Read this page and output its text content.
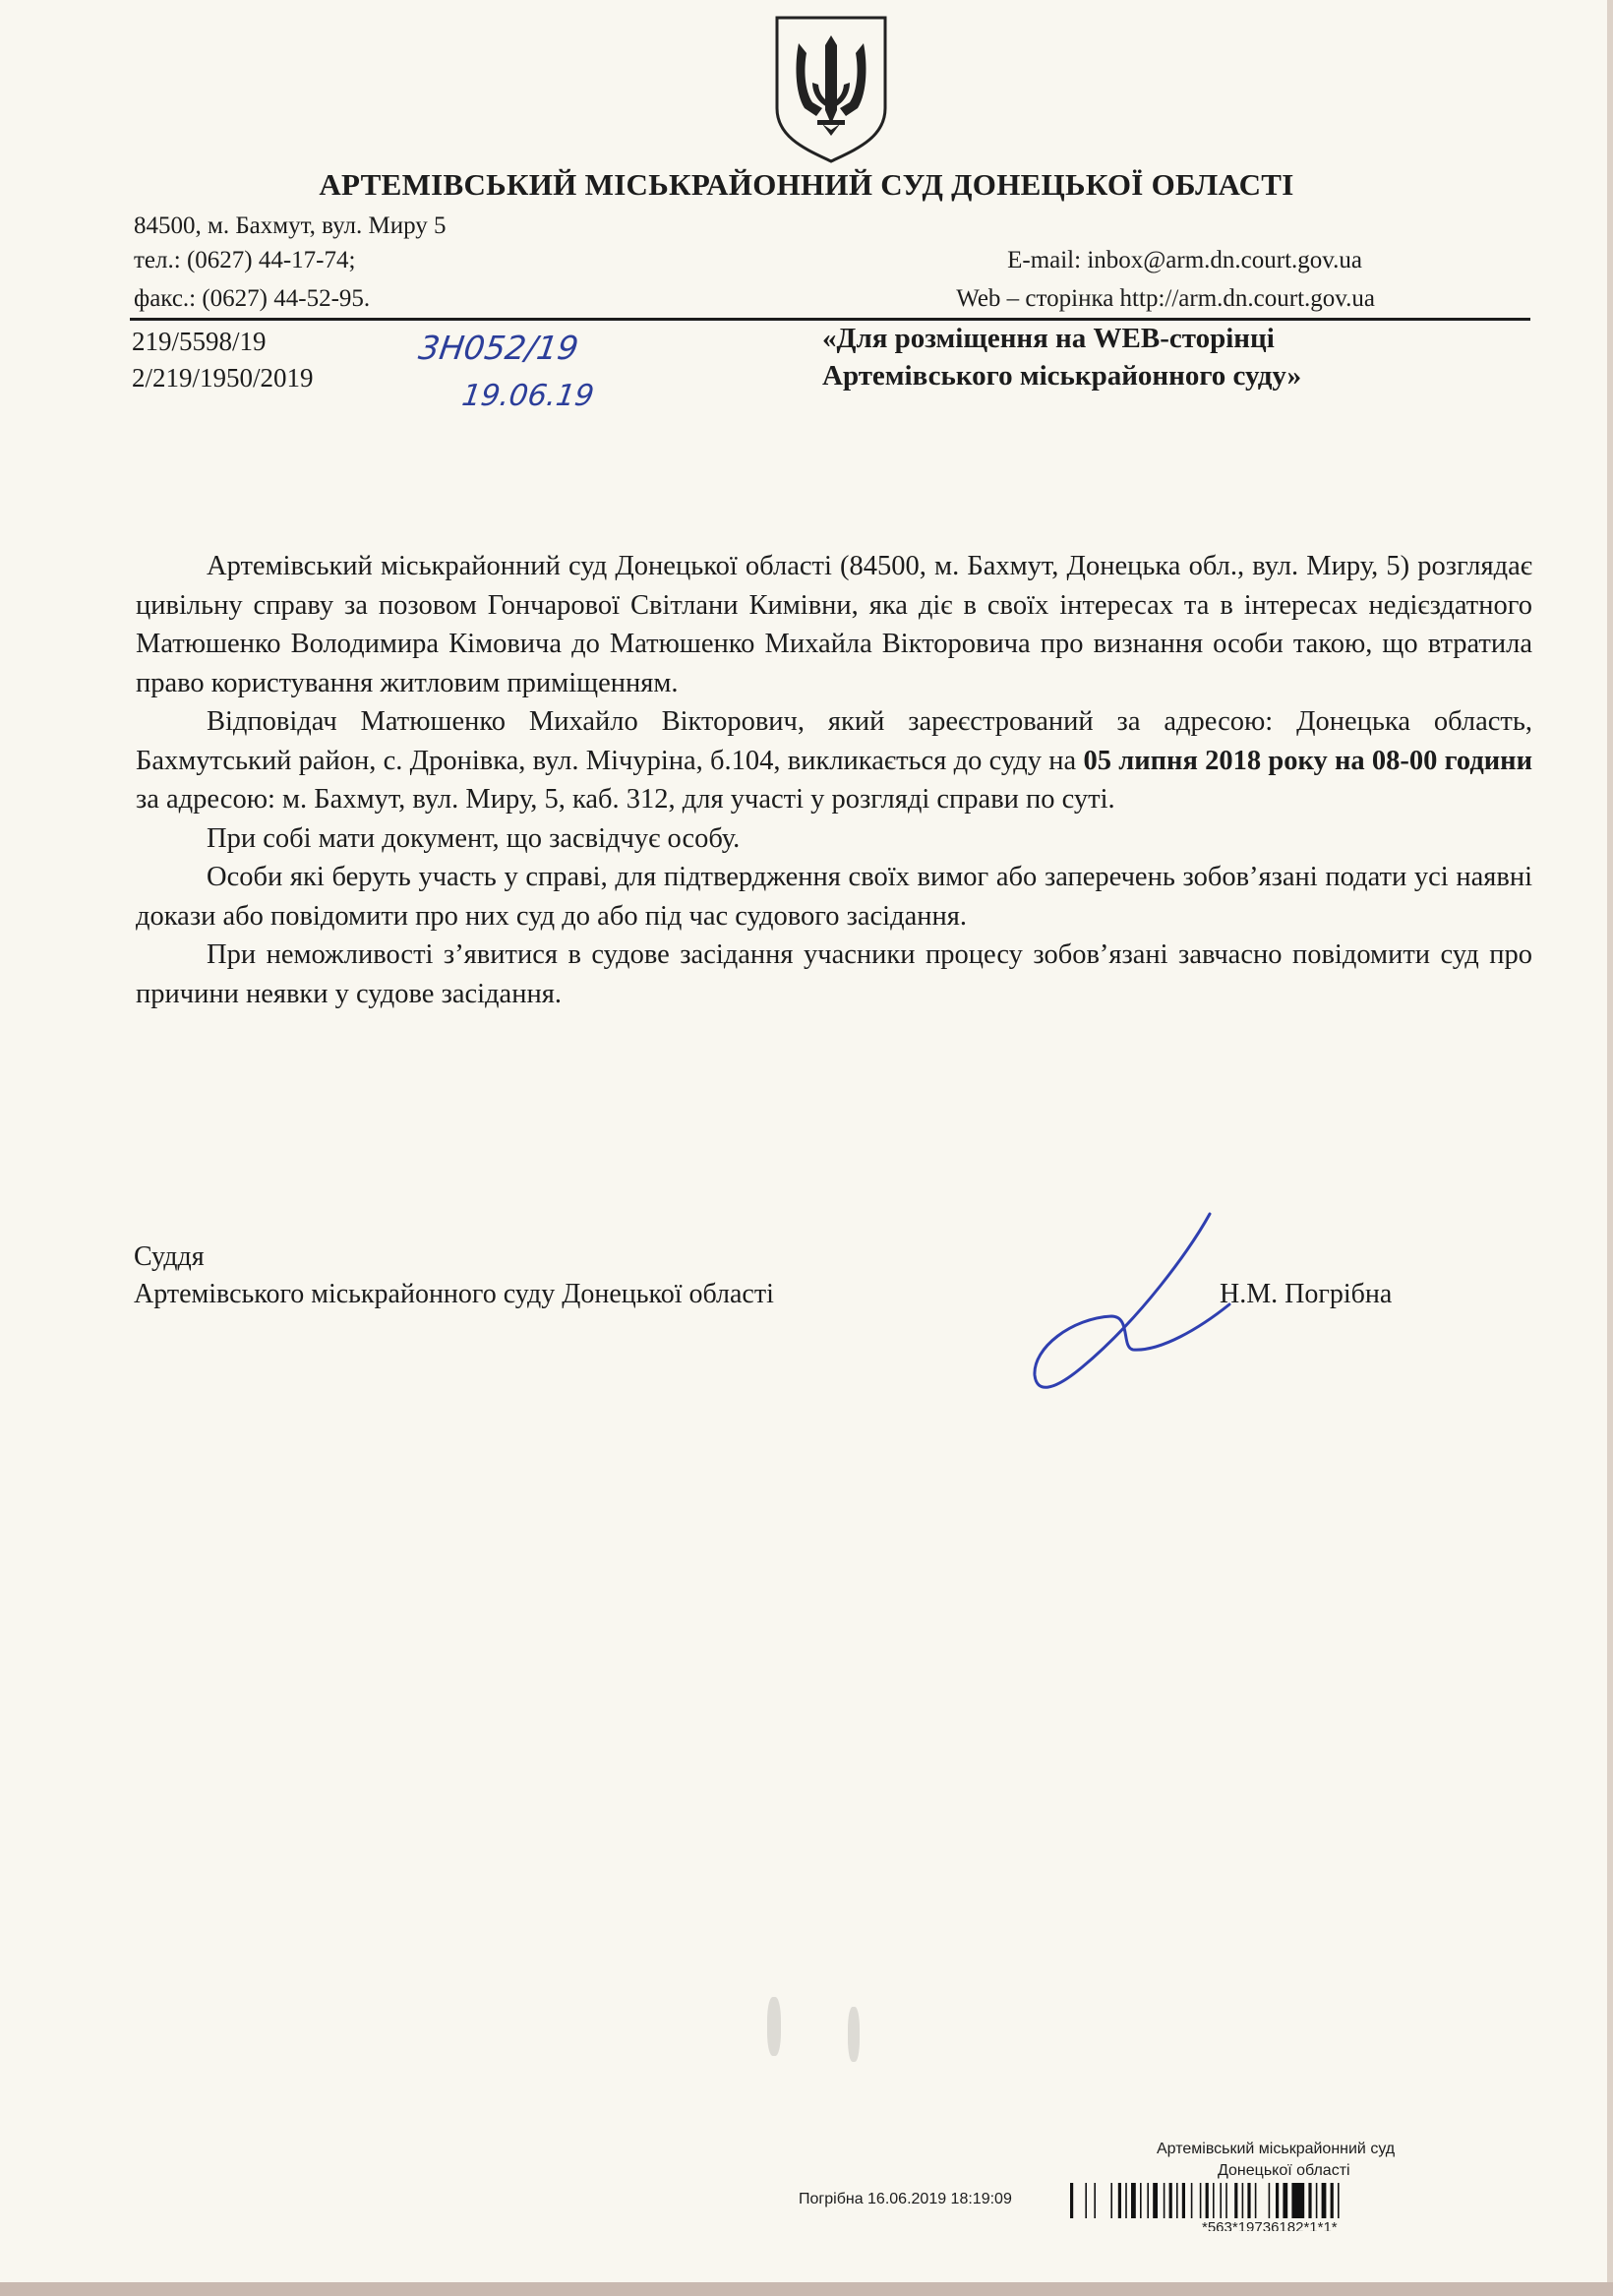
АРТЕМІВСЬКИЙ МІСЬКРАЙОННИЙ СУД ДОНЕЦЬКОЇ ОБЛАСТІ
84500, м. Бахмут, вул. Миру 5
тел.: (0627) 44-17-74;	E-mail: inbox@arm.dn.court.gov.ua
факс.: (0627) 44-52-95.	Web – сторінка http://arm.dn.court.gov.ua
219/5598/19
2/219/1950/2019
3H052/19
19.06.19
«Для розміщення на WEB-сторінці
Артемівського міськрайонного суду»

Артемівський міськрайонний суд Донецької області (84500, м. Бахмут, Донецька обл., вул. Миру, 5) розглядає цивільну справу за позовом Гончарової Світлани Кимівни, яка діє в своїх інтересах та в інтересах недієздатного Матюшенко Володимира Кімовича до Матюшенко Михайла Вікторовича про визнання особи такою, що втратила право користування житловим приміщенням.

Відповідач Матюшенко Михайло Вікторович, який зареєстрований за адресою: Донецька область, Бахмутський район, с. Дронівка, вул. Мічуріна, б.104, викликається до суду на 05 липня 2018 року на 08-00 години за адресою: м. Бахмут, вул. Миру, 5, каб. 312, для участі у розгляді справи по суті.

При собі мати документ, що засвідчує особу.

Особи які беруть участь у справі, для підтвердження своїх вимог або заперечень зобов’язані подати усі наявні докази або повідомити про них суд до або під час судового засідання.

При неможливості з’явитися в судове засідання учасники процесу зобов’язані завчасно повідомити суд про причини неявки у судове засідання.

Суддя
Артемівського міськрайонного суду Донецької області	Н.М. Погрібна
Артемівський міськрайонний суд
Донецької області
Погрібна 16.06.2019 18:19:09
*563*19736182*1*1*
